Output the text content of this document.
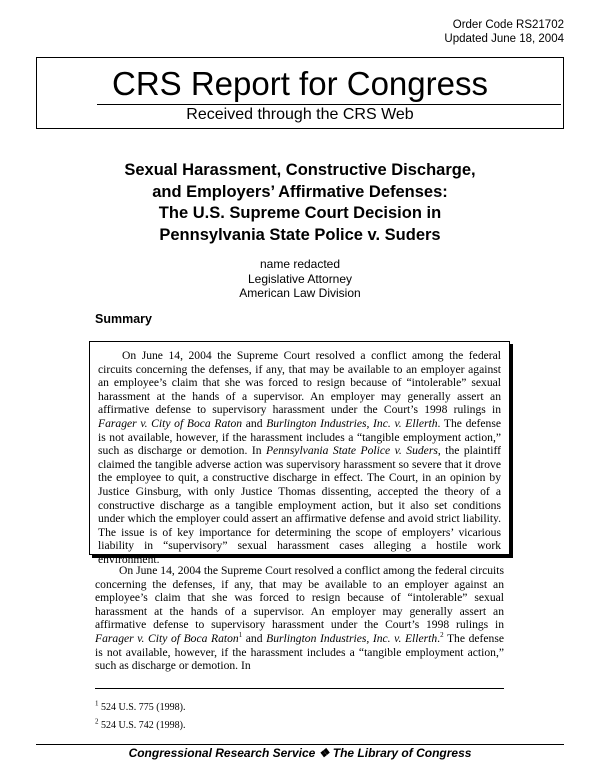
Order Code RS21702
Updated June 18, 2004
CRS Report for Congress
Received through the CRS Web
Sexual Harassment, Constructive Discharge,
and Employers’ Affirmative Defenses:
The U.S. Supreme Court Decision in
Pennsylvania State Police v. Suders
name redacted
Legislative Attorney
American Law Division
Summary
On June 14, 2004 the Supreme Court resolved a conflict among the federal circuits concerning the defenses, if any, that may be available to an employer against an employee’s claim that she was forced to resign because of “intolerable” sexual harassment at the hands of a supervisor. An employer may generally assert an affirmative defense to supervisory harassment under the Court’s 1998 rulings in Farager v. City of Boca Raton and Burlington Industries, Inc. v. Ellerth. The defense is not available, however, if the harassment includes a “tangible employment action,” such as discharge or demotion. In Pennsylvania State Police v. Suders, the plaintiff claimed the tangible adverse action was supervisory harassment so severe that it drove the employee to quit, a constructive discharge in effect. The Court, in an opinion by Justice Ginsburg, with only Justice Thomas dissenting, accepted the theory of a constructive discharge as a tangible employment action, but it also set conditions under which the employer could assert an affirmative defense and avoid strict liability. The issue is of key importance for determining the scope of employers’ vicarious liability in “supervisory” sexual harassment cases alleging a hostile work environment.
On June 14, 2004 the Supreme Court resolved a conflict among the federal circuits concerning the defenses, if any, that may be available to an employer against an employee’s claim that she was forced to resign because of “intolerable” sexual harassment at the hands of a supervisor. An employer may generally assert an affirmative defense to supervisory harassment under the Court’s 1998 rulings in Farager v. City of Boca Raton$^1$ and Burlington Industries, Inc. v. Ellerth.$^2$ The defense is not available, however, if the harassment includes a “tangible employment action,” such as discharge or demotion. In
$^1$ 524 U.S. 775 (1998).
$^2$ 524 U.S. 742 (1998).
Congressional Research Service ❖ The Library of Congress
